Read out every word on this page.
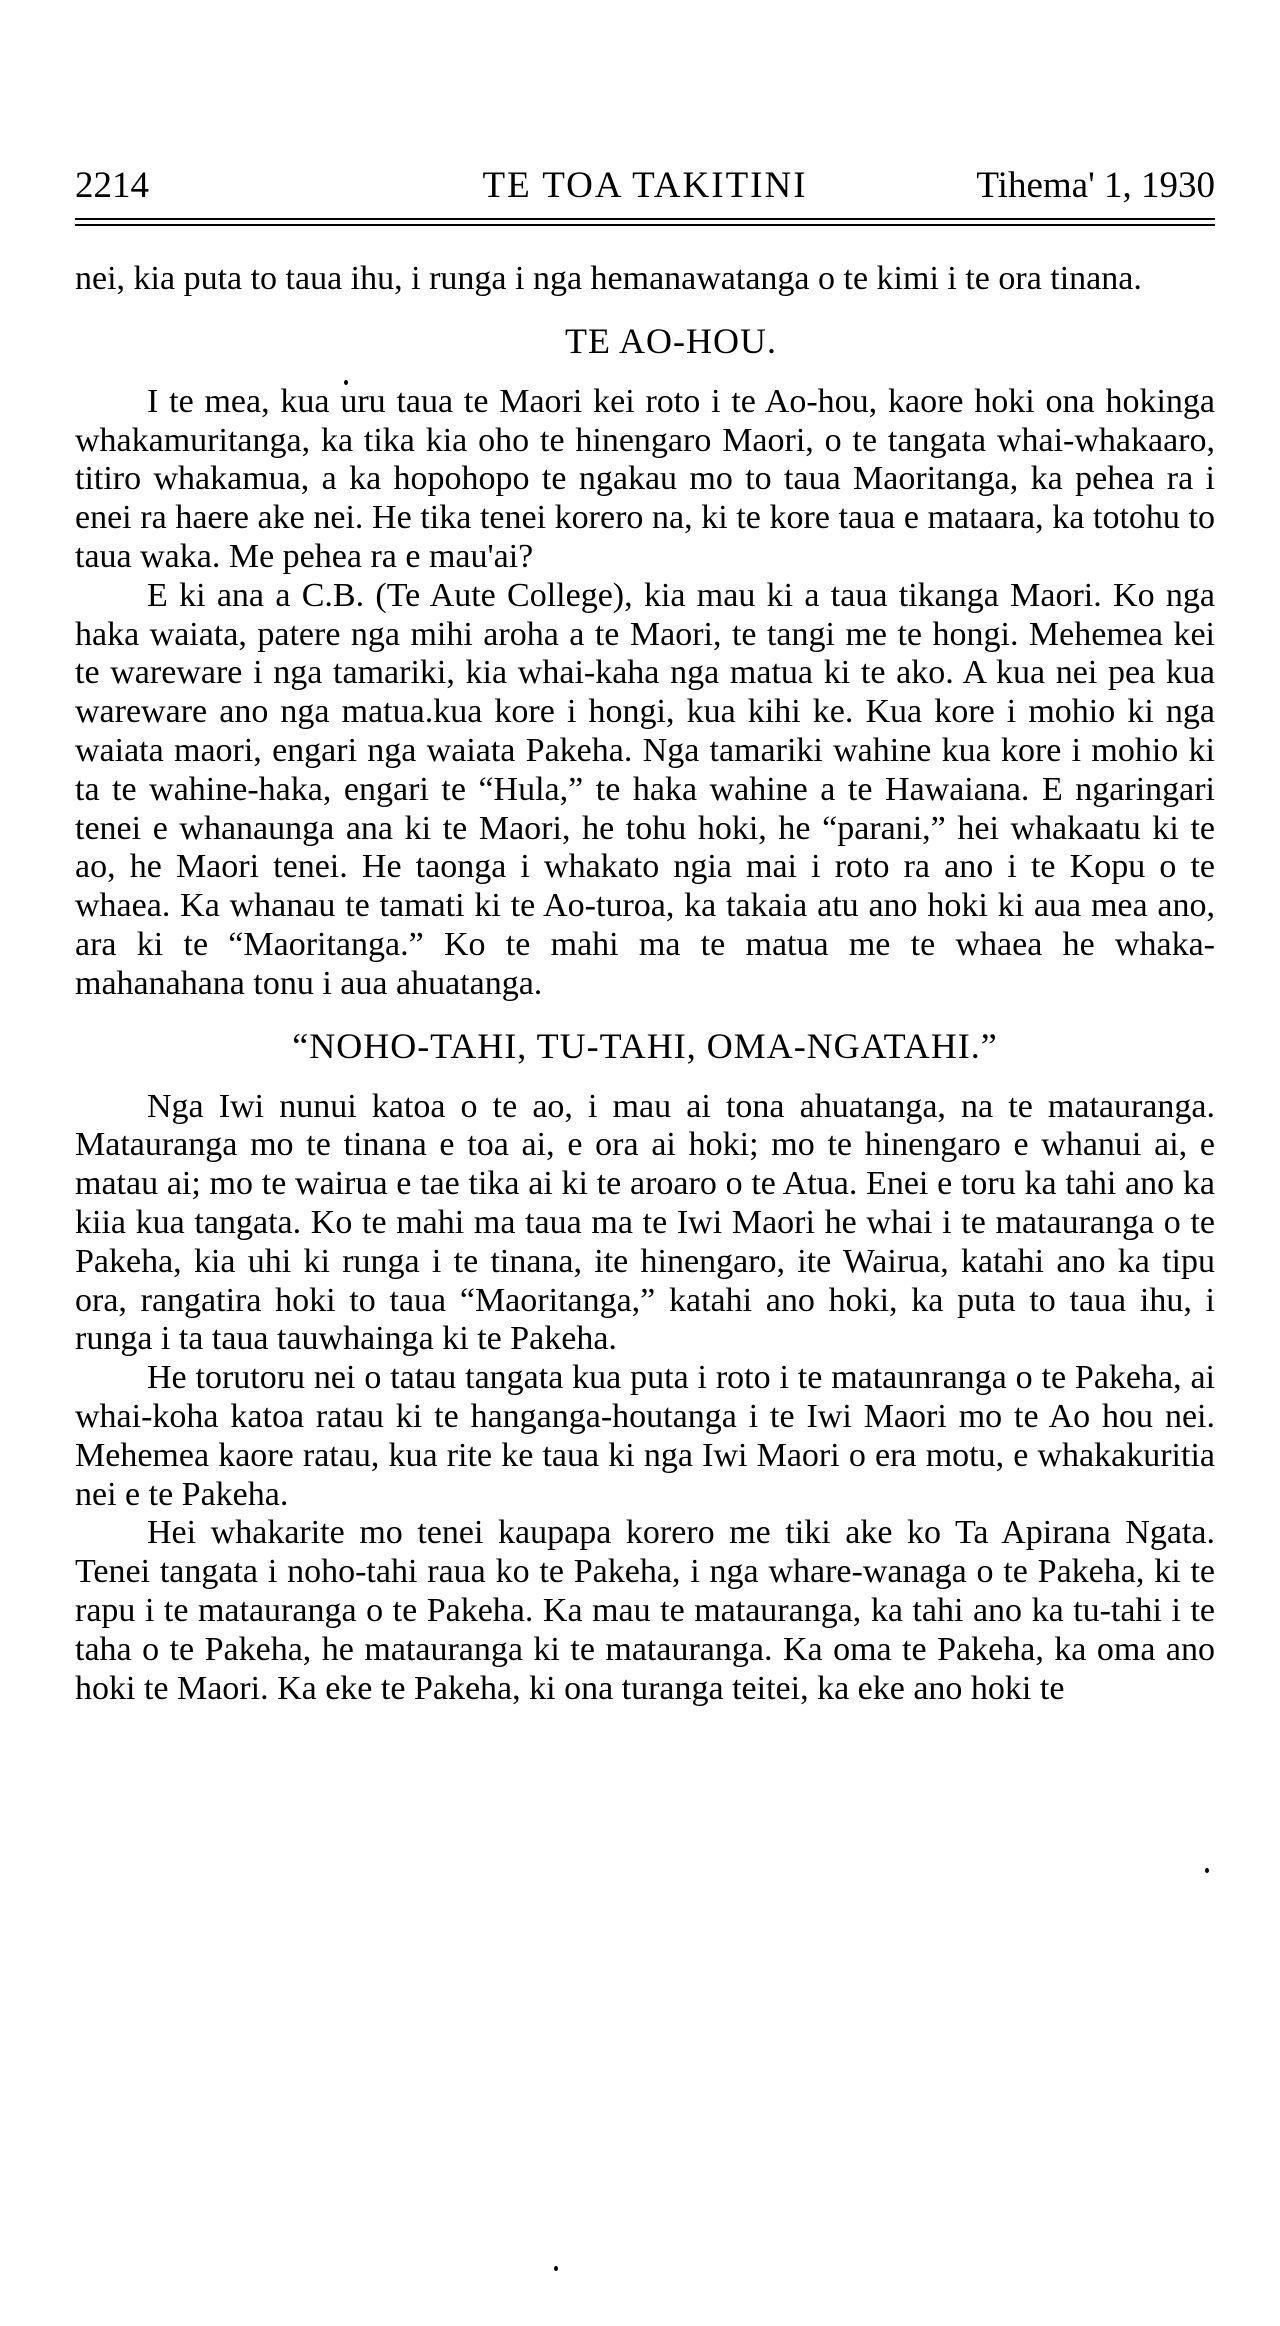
2214	TE TOA TAKITINI	Tihema' 1, 1930

nei, kia puta to taua ihu, i runga i nga hemanawatanga o te kimi i te ora tinana.

TE AO-HOU.

I te mea, kua uru taua te Maori kei roto i te Ao-hou, kaore hoki ona hokinga whakamuritanga, ka tika kia oho te hinengaro Maori, o te tangata whai-whakaaro, titiro whakamua, a ka hopohopo te ngakau mo to taua Maoritanga, ka pehea ra i enei ra haere ake nei. He tika tenei korero na, ki te kore taua e mataara, ka totohu to taua waka. Me pehea ra e mau'ai?

E ki ana a C.B. (Te Aute College), kia mau ki a taua tikanga Maori. Ko nga haka waiata, patere nga mihi aroha a te Maori, te tangi me te hongi. Mehemea kei te wareware i nga tamariki, kia whai-kaha nga matua ki te ako. A kua nei pea kua wareware ano nga matua.kua kore i hongi, kua kihi ke. Kua kore i mohio ki nga waiata maori, engari nga waiata Pakeha. Nga tamariki wahine kua kore i mohio ki ta te wahine-haka, engari te “Hula,” te haka wahine a te Hawaiana. E ngaringari tenei e whanaunga ana ki te Maori, he tohu hoki, he “parani,” hei whakaatu ki te ao, he Maori tenei. He taonga i whakato ngia mai i roto ra ano i te Kopu o te whaea. Ka whanau te tamati ki te Ao-turoa, ka takaia atu ano hoki ki aua mea ano, ara ki te “Maoritanga.” Ko te mahi ma te matua me te whaea he whaka-mahanahana tonu i aua ahuatanga.

“NOHO-TAHI, TU-TAHI, OMA-NGATAHI.”

Nga Iwi nunui katoa o te ao, i mau ai tona ahuatanga, na te matauranga. Matauranga mo te tinana e toa ai, e ora ai hoki; mo te hinengaro e whanui ai, e matau ai; mo te wairua e tae tika ai ki te aroaro o te Atua. Enei e toru ka tahi ano ka kiia kua tangata. Ko te mahi ma taua ma te Iwi Maori he whai i te matauranga o te Pakeha, kia uhi ki runga i te tinana, ite hinengaro, ite Wairua, katahi ano ka tipu ora, rangatira hoki to taua “Maoritanga,” katahi ano hoki, ka puta to taua ihu, i runga i ta taua tauwhainga ki te Pakeha.

He torutoru nei o tatau tangata kua puta i roto i te mataunranga o te Pakeha, ai whai-koha katoa ratau ki te hanganga-houtanga i te Iwi Maori mo te Ao hou nei. Mehemea kaore ratau, kua rite ke taua ki nga Iwi Maori o era motu, e whakakuritia nei e te Pakeha.

Hei whakarite mo tenei kaupapa korero me tiki ake ko Ta Apirana Ngata. Tenei tangata i noho-tahi raua ko te Pakeha, i nga whare-wanaga o te Pakeha, ki te rapu i te matauranga o te Pakeha. Ka mau te matauranga, ka tahi ano ka tu-tahi i te taha o te Pakeha, he matauranga ki te matauranga. Ka oma te Pakeha, ka oma ano hoki te Maori. Ka eke te Pakeha, ki ona turanga teitei, ka eke ano hoki te
